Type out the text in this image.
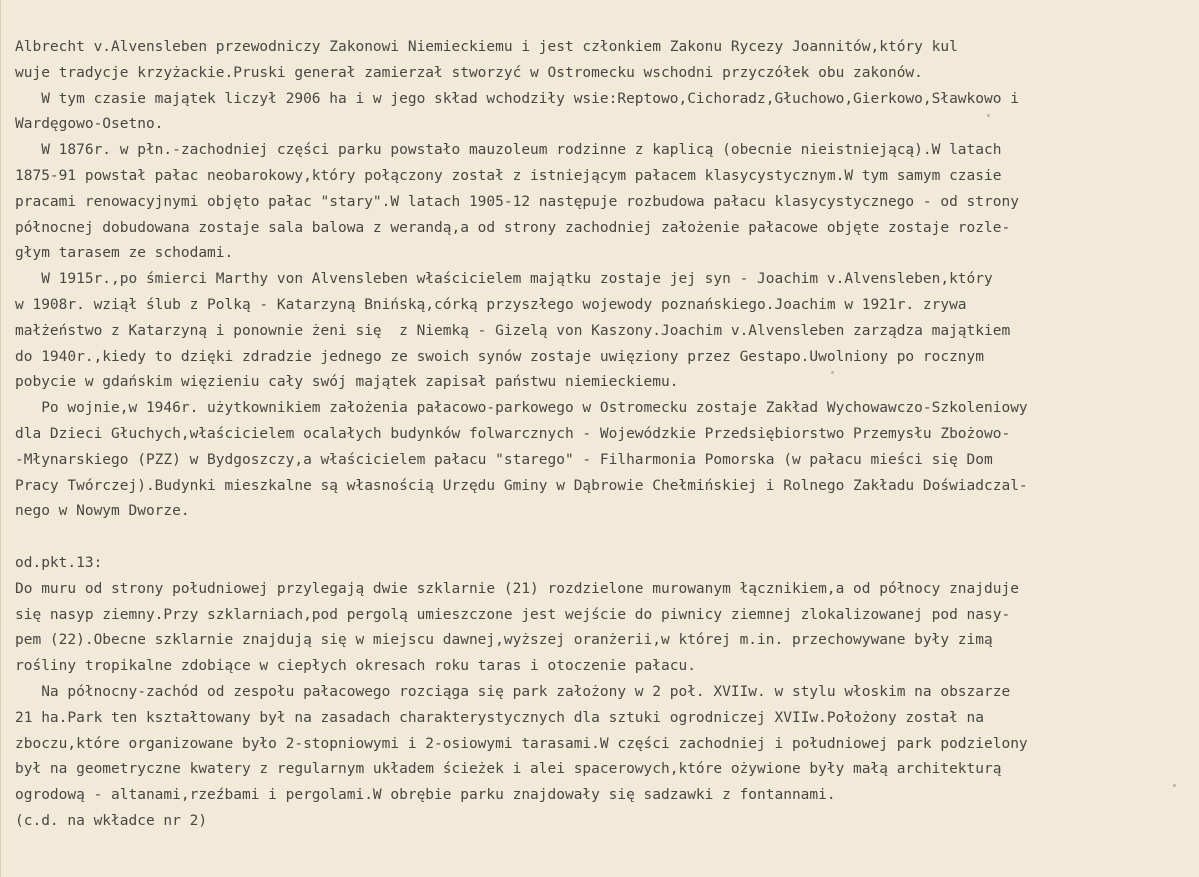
Albrecht v.Alvensleben przewodniczy Zakonowi Niemieckiemu i jest członkiem Zakonu Rycezy Joannitów,który kul
wuje tradycje krzyżackie.Pruski generał zamierzał stworzyć w Ostromecku wschodni przyczółek obu zakonów.
W tym czasie majątek liczył 2906 ha i w jego skład wchodziły wsie:Reptowo,Cichoradz,Głuchowo,Gierkowo,Sławkowo i
Wardęgowo-Osetno.
W 1876r. w płn.-zachodniej części parku powstało mauzoleum rodzinne z kaplicą (obecnie nieistniejącą).W latach
1875-91 powstał pałac neobarokowy,który połączony został z istniejącym pałacem klasycystycznym.W tym samym czasie
pracami renowacyjnymi objęto pałac "stary".W latach 1905-12 następuje rozbudowa pałacu klasycystycznego - od strony
północnej dobudowana zostaje sala balowa z werandą,a od strony zachodniej założenie pałacowe objęte zostaje rozle-
głym tarasem ze schodami.
W 1915r.,po śmierci Marthy von Alvensleben właścicielem majątku zostaje jej syn - Joachim v.Alvensleben,który
w 1908r. wziął ślub z Polką - Katarzyną Bnińską,córką przyszłego wojewody poznańskiego.Joachim w 1921r. zrywa
małżeństwo z Katarzyną i ponownie żeni się  z Niemką - Gizelą von Kaszony.Joachim v.Alvensleben zarządza majątkiem
do 1940r.,kiedy to dzięki zdradzie jednego ze swoich synów zostaje uwięziony przez Gestapo.Uwolniony po rocznym
pobycie w gdańskim więzieniu cały swój majątek zapisał państwu niemieckiemu.
Po wojnie,w 1946r. użytkownikiem założenia pałacowo-parkowego w Ostromecku zostaje Zakład Wychowawczo-Szkoleniowy
dla Dzieci Głuchych,właścicielem ocalałych budynków folwarcznych - Wojewódzkie Przedsiębiorstwo Przemysłu Zbożowo-
-Młynarskiego (PZZ) w Bydgoszczy,a właścicielem pałacu "starego" - Filharmonia Pomorska (w pałacu mieści się Dom
Pracy Twórczej).Budynki mieszkalne są własnością Urzędu Gminy w Dąbrowie Chełmińskiej i Rolnego Zakładu Doświadczal-
nego w Nowym Dworze.
od.pkt.13:
Do muru od strony południowej przylegają dwie szklarnie (21) rozdzielone murowanym łącznikiem,a od północy znajduje
się nasyp ziemny.Przy szklarniach,pod pergolą umieszczone jest wejście do piwnicy ziemnej zlokalizowanej pod nasy-
pem (22).Obecne szklarnie znajdują się w miejscu dawnej,wyższej oranżerii,w której m.in. przechowywane były zimą
rośliny tropikalne zdobiące w ciepłych okresach roku taras i otoczenie pałacu.
Na północny-zachód od zespołu pałacowego rozciąga się park założony w 2 poł. XVIIw. w stylu włoskim na obszarze
21 ha.Park ten kształtowany był na zasadach charakterystycznych dla sztuki ogrodniczej XVIIw.Położony został na
zboczu,które organizowane było 2-stopniowymi i 2-osiowymi tarasami.W części zachodniej i południowej park podzielony
był na geometryczne kwatery z regularnym układem ścieżek i alei spacerowych,które ożywione były małą architekturą
ogrodową - altanami,rzeźbami i pergolami.W obrębie parku znajdowały się sadzawki z fontannami.
(c.d. na wkładce nr 2)
